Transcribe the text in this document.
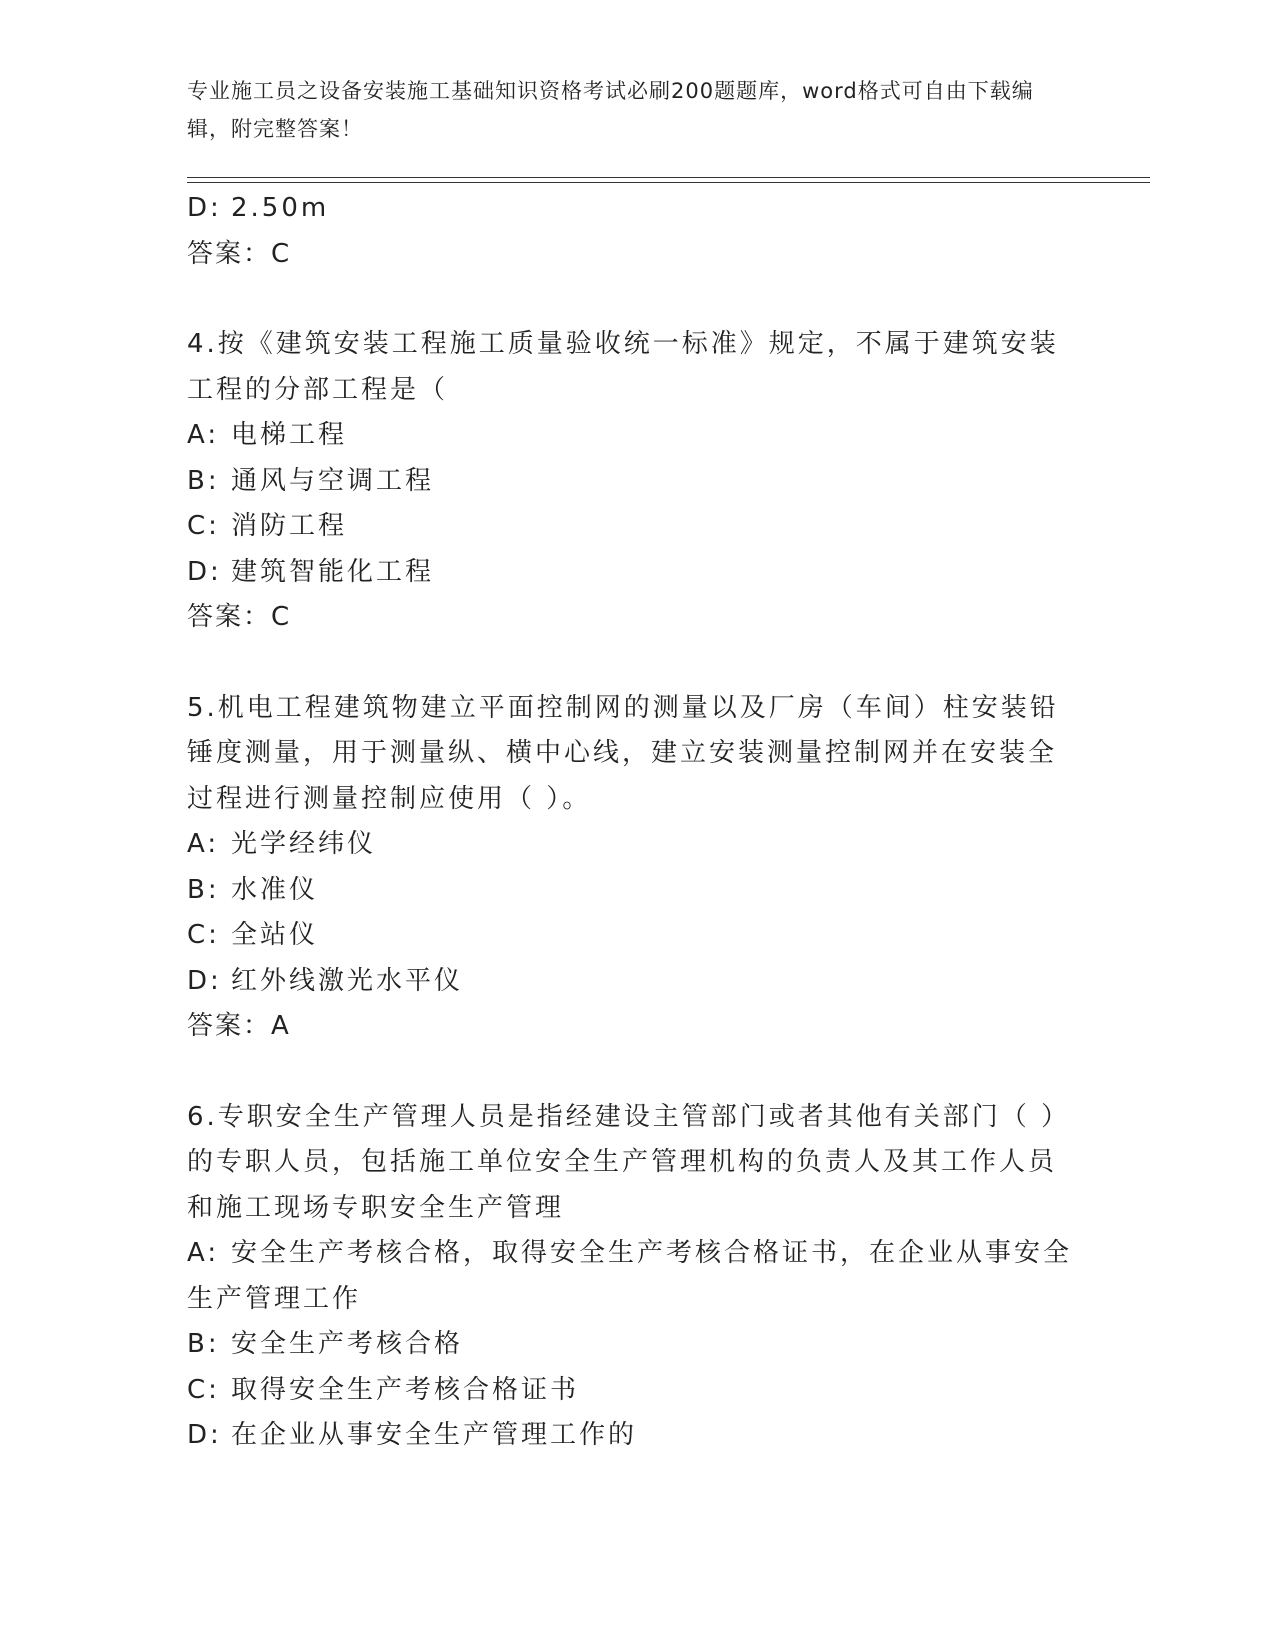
专业施工员之设备安装施工基础知识资格考试必刷200题题库，word格式可自由下载编辑，附完整答案！
D: 2.50m
答案：C
4.按《建筑安装工程施工质量验收统一标准》规定，不属于建筑安装
工程的分部工程是（
A: 电梯工程
B: 通风与空调工程
C: 消防工程
D: 建筑智能化工程
答案：C
5.机电工程建筑物建立平面控制网的测量以及厂房（车间）柱安装铅
锤度测量，用于测量纵、横中心线，建立安装测量控制网并在安装全
过程进行测量控制应使用（ ）。
A: 光学经纬仪
B: 水准仪
C: 全站仪
D: 红外线激光水平仪
答案：A
6.专职安全生产管理人员是指经建设主管部门或者其他有关部门（ ）
的专职人员，包括施工单位安全生产管理机构的负责人及其工作人员
和施工现场专职安全生产管理
A: 安全生产考核合格，取得安全生产考核合格证书，在企业从事安全
生产管理工作
B: 安全生产考核合格
C: 取得安全生产考核合格证书
D: 在企业从事安全生产管理工作的
